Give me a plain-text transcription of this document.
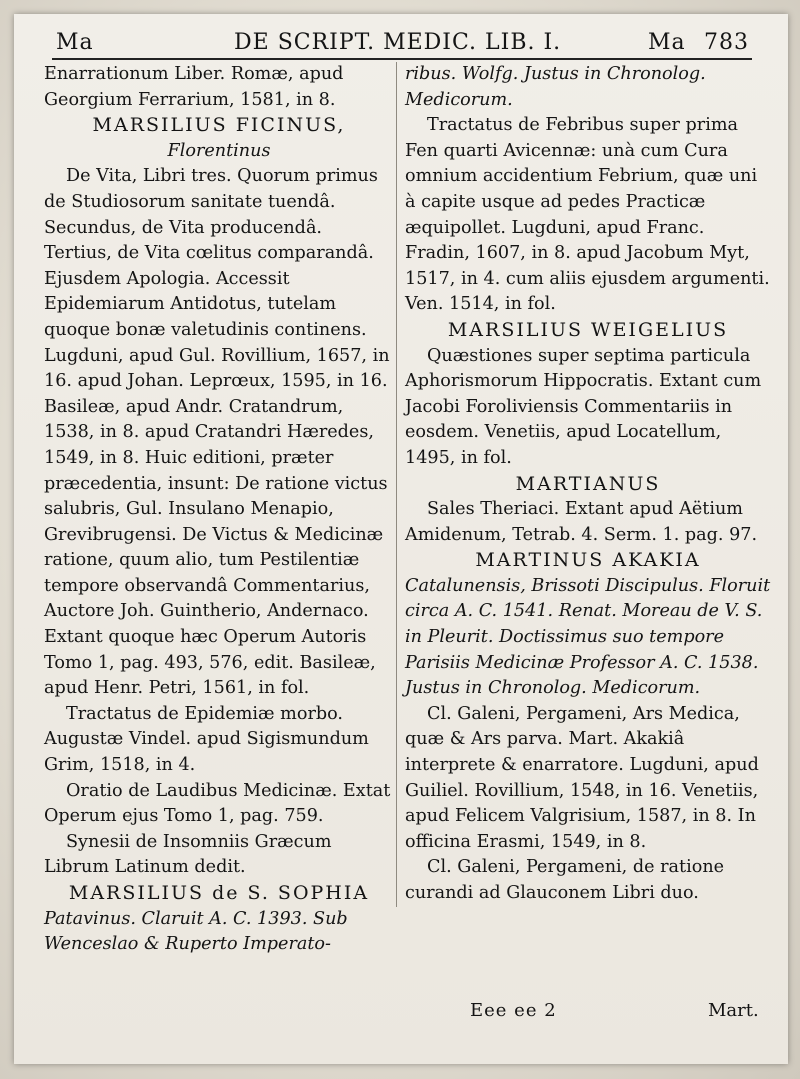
Ma	DE SCRIPT. MEDIC. LIB. I.	Ma 783

Enarrationum Liber. Romæ, apud Georgium Ferrarium, 1581, in 8.

MARSILIUS FICINUS,

Florentinus

De Vita, Libri tres. Quorum primus de Studiosorum sanitate tuendâ. Secundus, de Vita producendâ. Tertius, de Vita cœlitus comparandâ. Ejusdem Apologia. Accessit Epidemiarum Antidotus, tutelam quoque bonæ valetudinis continens. Lugduni, apud Gul. Rovillium, 1657, in 16. apud Johan. Leprœux, 1595, in 16. Basileæ, apud Andr. Cratandrum, 1538, in 8. apud Cratandri Hæredes, 1549, in 8. Huic editioni, præter præcedentia, insunt: De ratione victus salubris, Gul. Insulano Menapio, Grevibrugensi. De Victus & Medicinæ ratione, quum alio, tum Pestilentiæ tempore observandâ Commentarius, Auctore Joh. Guintherio, Andernaco. Extant quoque hæc Operum Autoris Tomo 1, pag. 493, 576, edit. Basileæ, apud Henr. Petri, 1561, in fol.

Tractatus de Epidemiæ morbo. Augustæ Vindel. apud Sigismundum Grim, 1518, in 4.

Oratio de Laudibus Medicinæ. Extat Operum ejus Tomo 1, pag. 759.

Synesii de Insomniis Græcum Librum Latinum dedit.

MARSILIUS de S. SOPHIA

Patavinus. Claruit A. C. 1393. Sub Wenceslao & Ruperto Imperato-

ribus. Wolfg. Justus in Chronolog. Medicorum.

Tractatus de Febribus super prima Fen quarti Avicennæ: unà cum Cura omnium accidentium Febrium, quæ uni à capite usque ad pedes Practicæ æquipollet. Lugduni, apud Franc. Fradin, 1607, in 8. apud Jacobum Myt, 1517, in 4. cum aliis ejusdem argumenti. Ven. 1514, in fol.

MARSILIUS WEIGELIUS

Quæstiones super septima particula Aphorismorum Hippocratis. Extant cum Jacobi Foroliviensis Commentariis in eosdem. Venetiis, apud Locatellum, 1495, in fol.

MARTIANUS

Sales Theriaci. Extant apud Aëtium Amidenum, Tetrab. 4. Serm. 1. pag. 97.

MARTINUS AKAKIA

Catalunensis, Brissoti Discipulus. Floruit circa A. C. 1541. Renat. Moreau de V. S. in Pleurit. Doctissimus suo tempore Parisiis Medicinæ Professor A. C. 1538. Justus in Chronolog. Medicorum.

Cl. Galeni, Pergameni, Ars Medica, quæ & Ars parva. Mart. Akakiâ interprete & enarratore. Lugduni, apud Guiliel. Rovillium, 1548, in 16. Venetiis, apud Felicem Valgrisium, 1587, in 8. In officina Erasmi, 1549, in 8.

Cl. Galeni, Pergameni, de ratione curandi ad Glauconem Libri duo.

Eee ee 2	Mart.
